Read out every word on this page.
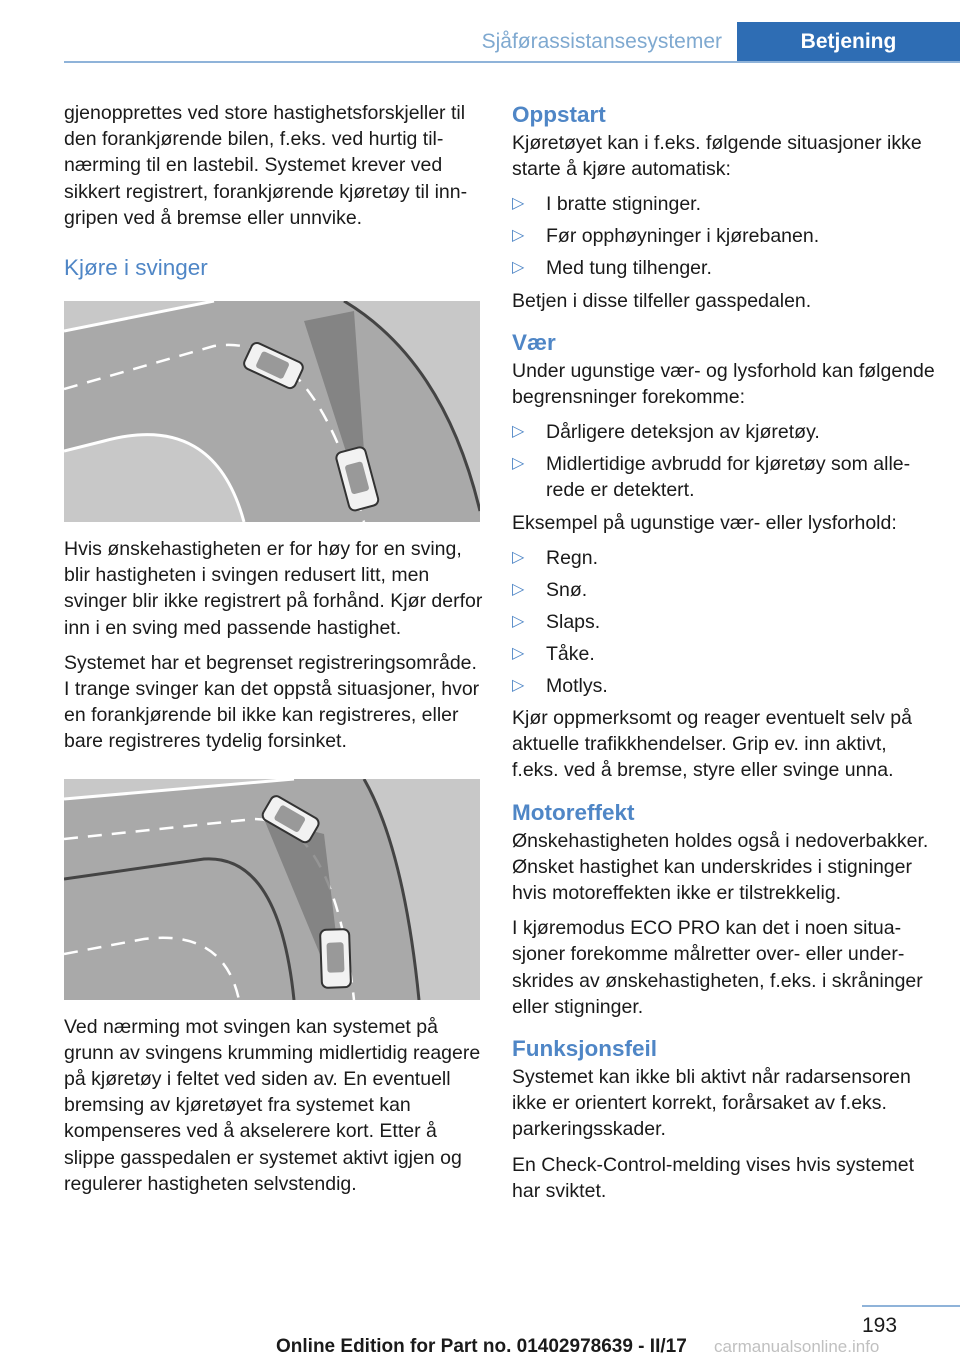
Sjåførassistansesystemer	Betjening

gjenopprettes ved store hastighetsforskjeller til den forankjørende bilen, f.eks. ved hurtig tilnærming til en lastebil. Systemet krever ved sikkert registrert, forankjørende kjøretøy til inngripen ved å bremse eller unnvike.

Kjøre i svinger

Hvis ønskehastigheten er for høy for en sving, blir hastigheten i svingen redusert litt, men svinger blir ikke registrert på forhånd. Kjør derfor inn i en sving med passende hastighet.

Systemet har et begrenset registreringsområde. I trange svinger kan det oppstå situasjoner, hvor en forankjørende bil ikke kan registreres, eller bare registreres tydelig forsinket.

Ved nærming mot svingen kan systemet på grunn av svingens krumming midlertidig reagere på kjøretøy i feltet ved siden av. En eventuell bremsing av kjøretøyet fra systemet kan kompenseres ved å akselerere kort. Etter å slippe gasspedalen er systemet aktivt igjen og regulerer hastigheten selvstendig.

Oppstart

Kjøretøyet kan i f.eks. følgende situasjoner ikke starte å kjøre automatisk:

▷ I bratte stigninger.
▷ Før opphøyninger i kjørebanen.
▷ Med tung tilhenger.

Betjen i disse tilfeller gasspedalen.

Vær

Under ugunstige vær- og lysforhold kan følgende begrensninger forekomme:

▷ Dårligere deteksjon av kjøretøy.
▷ Midlertidige avbrudd for kjøretøy som allerede er detektert.

Eksempel på ugunstige vær- eller lysforhold:

▷ Regn.
▷ Snø.
▷ Slaps.
▷ Tåke.
▷ Motlys.

Kjør oppmerksomt og reager eventuelt selv på aktuelle trafikkhendelser. Grip ev. inn aktivt, f.eks. ved å bremse, styre eller svinge unna.

Motoreffekt

Ønskehastigheten holdes også i nedoverbakker. Ønsket hastighet kan underskrides i stigninger hvis motoreffekten ikke er tilstrekkelig.

I kjøremodus ECO PRO kan det i noen situasjoner forekomme målretter over- eller underskrides av ønskehastigheten, f.eks. i skråninger eller stigninger.

Funksjonsfeil

Systemet kan ikke bli aktivt når radarsensoren ikke er orientert korrekt, forårsaket av f.eks. parkeringsskader.

En Check-Control-melding vises hvis systemet har sviktet.

193
Online Edition for Part no. 01402978639 - II/17 carmanualsonline.info
